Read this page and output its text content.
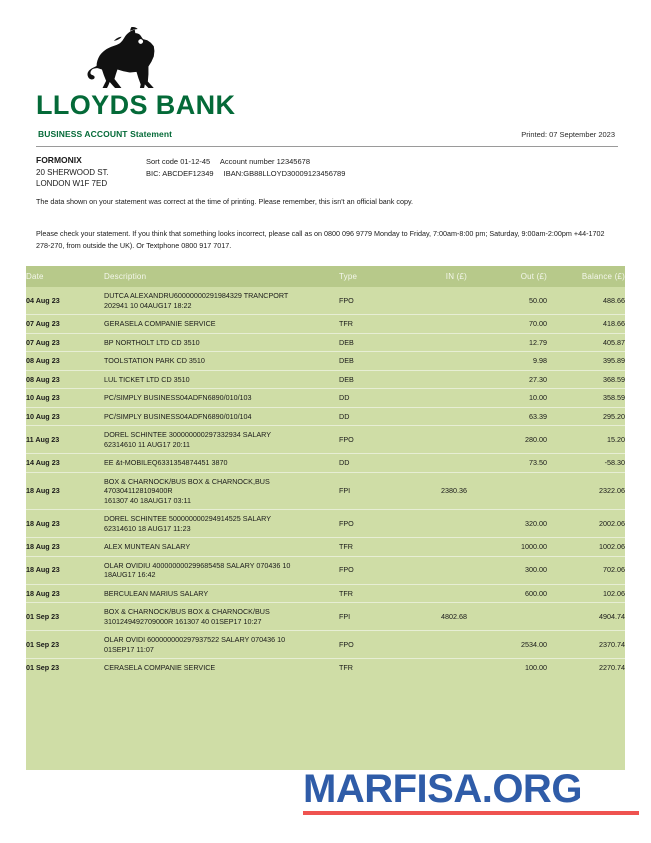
LLOYDS BANK
BUSINESS ACCOUNT Statement	Printed: 07 September 2023
FORMONIX
20 SHERWOOD ST.
LONDON W1F 7ED
Sort code 01-12-45 Account number 12345678
BIC: ABCDEF12349 IBAN:GB88LLOYD30009123456789
The data shown on your statement was correct at the time of printing. Please remember, this isn't an official bank copy.
Please check your statement. If you think that something looks incorrect, please call as on 0800 096 9779 Monday to Friday, 7:00am-8:00 pm; Saturday, 9:00am-2:00pm +44-1702 278-270, from outside the UK). Or Textphone 0800 917 7017.
Date	Description	Type	IN (£)	Out (£)	Balance (£)
04 Aug 23	DUTCA ALEXANDRU60000000291984329 TRANCPORT
202941 10 04AUG17 18:22	FPO		50.00	488.66
07 Aug 23	GERASELA COMPANIE SERVICE	TFR		70.00	418.66
07 Aug 23	BP NORTHOLT LTD CD 3510	DEB		12.79	405.87
08 Aug 23	TOOLSTATION PARK CD 3510	DEB		9.98	395.89
08 Aug 23	LUL TICKET LTD CD 3510	DEB		27.30	368.59
10 Aug 23	PC/SIMPLY BUSINESS04ADFN6890/010/103	DD		10.00	358.59
10 Aug 23	PC/SIMPLY BUSINESS04ADFN6890/010/104	DD		63.39	295.20
11 Aug 23	DOREL SCHINTEE 300000000297332934 SALARY
62314610 11 AUG17 20:11	FPO		280.00	15.20
14 Aug 23	EE &t-MOBILEQ6331354874451 3870	DD		73.50	-58.30
18 Aug 23	BOX & CHARNOCK/BUS BOX & CHARNOCK,BUS 4703041128109400R
161307 40 18AUG17 03:11	FPI	2380.36		2322.06
18 Aug 23	DOREL SCHINTEE 500000000294914525 SALARY
62314610 18 AUG17 11:23	FPO		320.00	2002.06
18 Aug 23	ALEX MUNTEAN SALARY	TFR		1000.00	1002.06
18 Aug 23	OLAR OVIDIU 400000000299685458 SALARY 070436 10
18AUG17 16:42	FPO		300.00	702.06
18 Aug 23	BERCULEAN MARIUS SALARY	TFR		600.00	102.06
01 Sep 23	BOX & CHARNOCK/BUS BOX & CHARNOCK/BUS
3101249492709000R 161307 40 01SEP17 10:27	FPI	4802.68		4904.74
01 Sep 23	OLAR OVIDI 600000000297937522 SALARY 070436 10
01SEP17 11:07	FPO		2534.00	2370.74
01 Sep 23	CERASELA COMPANIE SERVICE	TFR		100.00	2270.74
MARFISA.ORG
